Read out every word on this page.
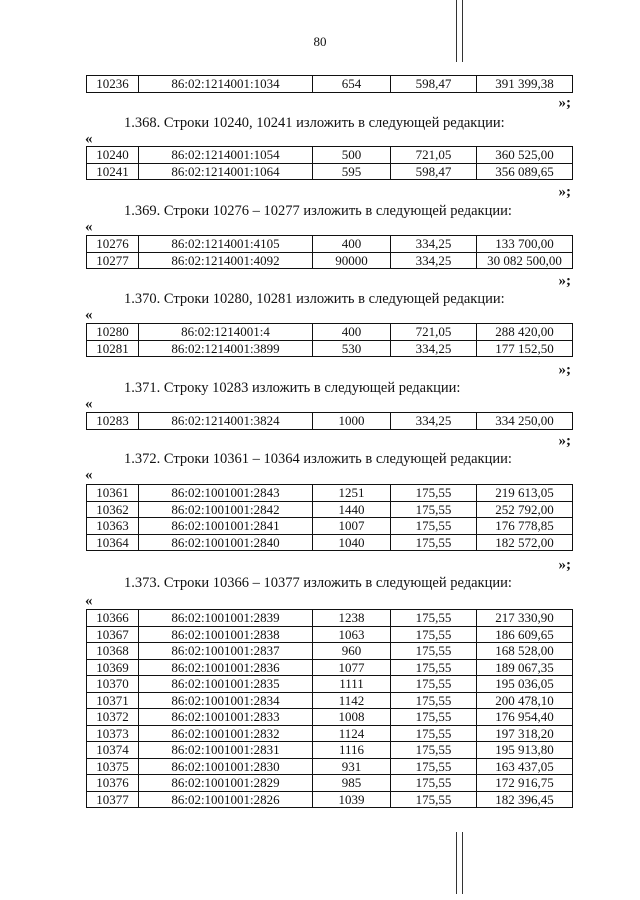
80
10236	86:02:1214001:1034	654	598,47	391 399,38
»;
1.368. Строки 10240, 10241 изложить в следующей редакции:
«
10240	86:02:1214001:1054	500	721,05	360 525,00
10241	86:02:1214001:1064	595	598,47	356 089,65
»;
1.369. Строки 10276 – 10277 изложить в следующей редакции:
«
10276	86:02:1214001:4105	400	334,25	133 700,00
10277	86:02:1214001:4092	90000	334,25	30 082 500,00
»;
1.370. Строки 10280, 10281 изложить в следующей редакции:
«
10280	86:02:1214001:4	400	721,05	288 420,00
10281	86:02:1214001:3899	530	334,25	177 152,50
»;
1.371. Строку 10283 изложить в следующей редакции:
«
10283	86:02:1214001:3824	1000	334,25	334 250,00
»;
1.372. Строки 10361 – 10364 изложить в следующей редакции:
«
10361	86:02:1001001:2843	1251	175,55	219 613,05
10362	86:02:1001001:2842	1440	175,55	252 792,00
10363	86:02:1001001:2841	1007	175,55	176 778,85
10364	86:02:1001001:2840	1040	175,55	182 572,00
»;
1.373. Строки 10366 – 10377 изложить в следующей редакции:
«
10366	86:02:1001001:2839	1238	175,55	217 330,90
10367	86:02:1001001:2838	1063	175,55	186 609,65
10368	86:02:1001001:2837	960	175,55	168 528,00
10369	86:02:1001001:2836	1077	175,55	189 067,35
10370	86:02:1001001:2835	1111	175,55	195 036,05
10371	86:02:1001001:2834	1142	175,55	200 478,10
10372	86:02:1001001:2833	1008	175,55	176 954,40
10373	86:02:1001001:2832	1124	175,55	197 318,20
10374	86:02:1001001:2831	1116	175,55	195 913,80
10375	86:02:1001001:2830	931	175,55	163 437,05
10376	86:02:1001001:2829	985	175,55	172 916,75
10377	86:02:1001001:2826	1039	175,55	182 396,45
